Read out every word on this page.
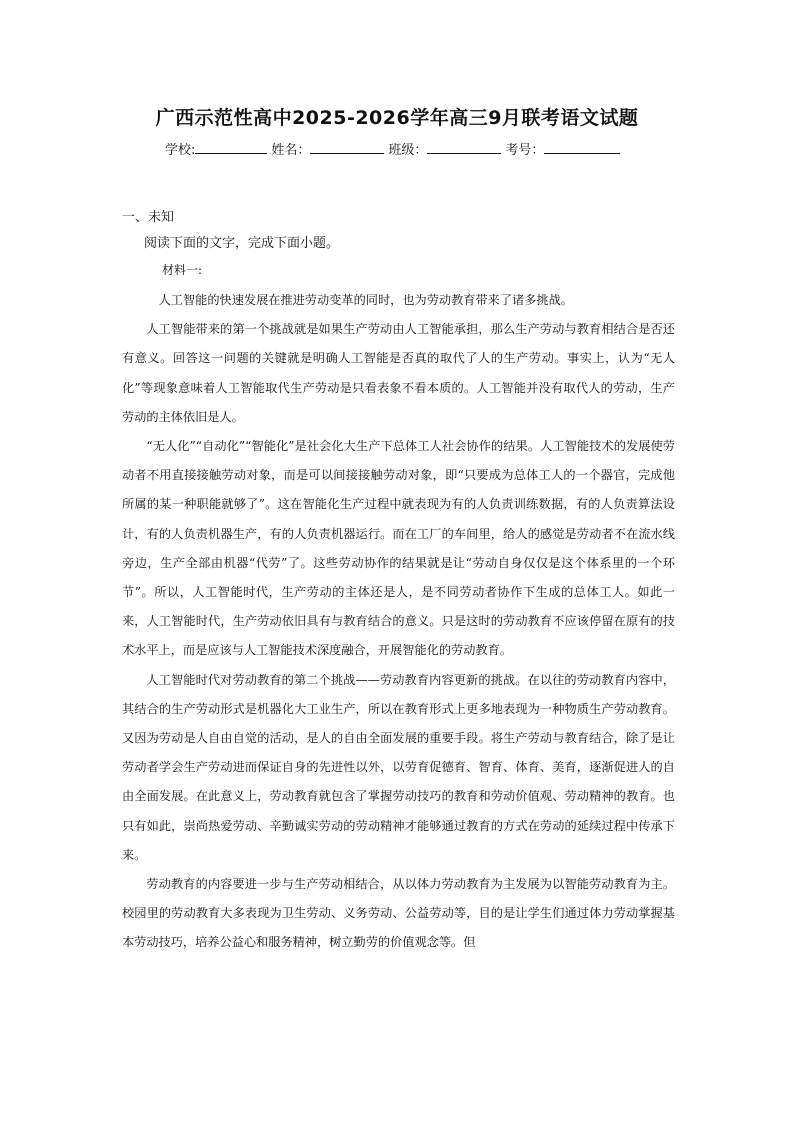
广西示范性高中2025-2026学年高三9月联考语文试题
学校:	姓名：	班级：	考号：
一、未知
阅读下面的文字，完成下面小题。
材料一:

人工智能的快速发展在推进劳动变革的同时，也为劳动教育带来了诸多挑战。

人工智能带来的第一个挑战就是如果生产劳动由人工智能承担，那么生产劳动与教育相结合是否还有意义。回答这一问题的关键就是明确人工智能是否真的取代了人的生产劳动。事实上，认为“无人化”等现象意味着人工智能取代生产劳动是只看表象不看本质的。人工智能并没有取代人的劳动，生产劳动的主体依旧是人。

“无人化”“自动化”“智能化”是社会化大生产下总体工人社会协作的结果。人工智能技术的发展使劳动者不用直接接触劳动对象，而是可以间接接触劳动对象，即“只要成为总体工人的一个器官，完成他所属的某一种职能就够了”。这在智能化生产过程中就表现为有的人负责训练数据，有的人负责算法设计，有的人负责机器生产，有的人负责机器运行。而在工厂的车间里，给人的感觉是劳动者不在流水线旁边，生产全部由机器“代劳”了。这些劳动协作的结果就是让“劳动自身仅仅是这个体系里的一个环节”。所以，人工智能时代，生产劳动的主体还是人，是不同劳动者协作下生成的总体工人。如此一来，人工智能时代，生产劳动依旧具有与教育结合的意义。只是这时的劳动教育不应该停留在原有的技术水平上，而是应该与人工智能技术深度融合，开展智能化的劳动教育。

人工智能时代对劳动教育的第二个挑战——劳动教育内容更新的挑战。在以往的劳动教育内容中，其结合的生产劳动形式是机器化大工业生产，所以在教育形式上更多地表现为一种物质生产劳动教育。又因为劳动是人自由自觉的活动，是人的自由全面发展的重要手段。将生产劳动与教育结合，除了是让劳动者学会生产劳动进而保证自身的先进性以外，以劳育促德育、智育、体育、美育，逐渐促进人的自由全面发展。在此意义上，劳动教育就包含了掌握劳动技巧的教育和劳动价值观、劳动精神的教育。也只有如此，崇尚热爱劳动、辛勤诚实劳动的劳动精神才能够通过教育的方式在劳动的延续过程中传承下来。

劳动教育的内容要进一步与生产劳动相结合，从以体力劳动教育为主发展为以智能劳动教育为主。校园里的劳动教育大多表现为卫生劳动、义务劳动、公益劳动等，目的是让学生们通过体力劳动掌握基本劳动技巧，培养公益心和服务精神，树立勤劳的价值观念等。但
